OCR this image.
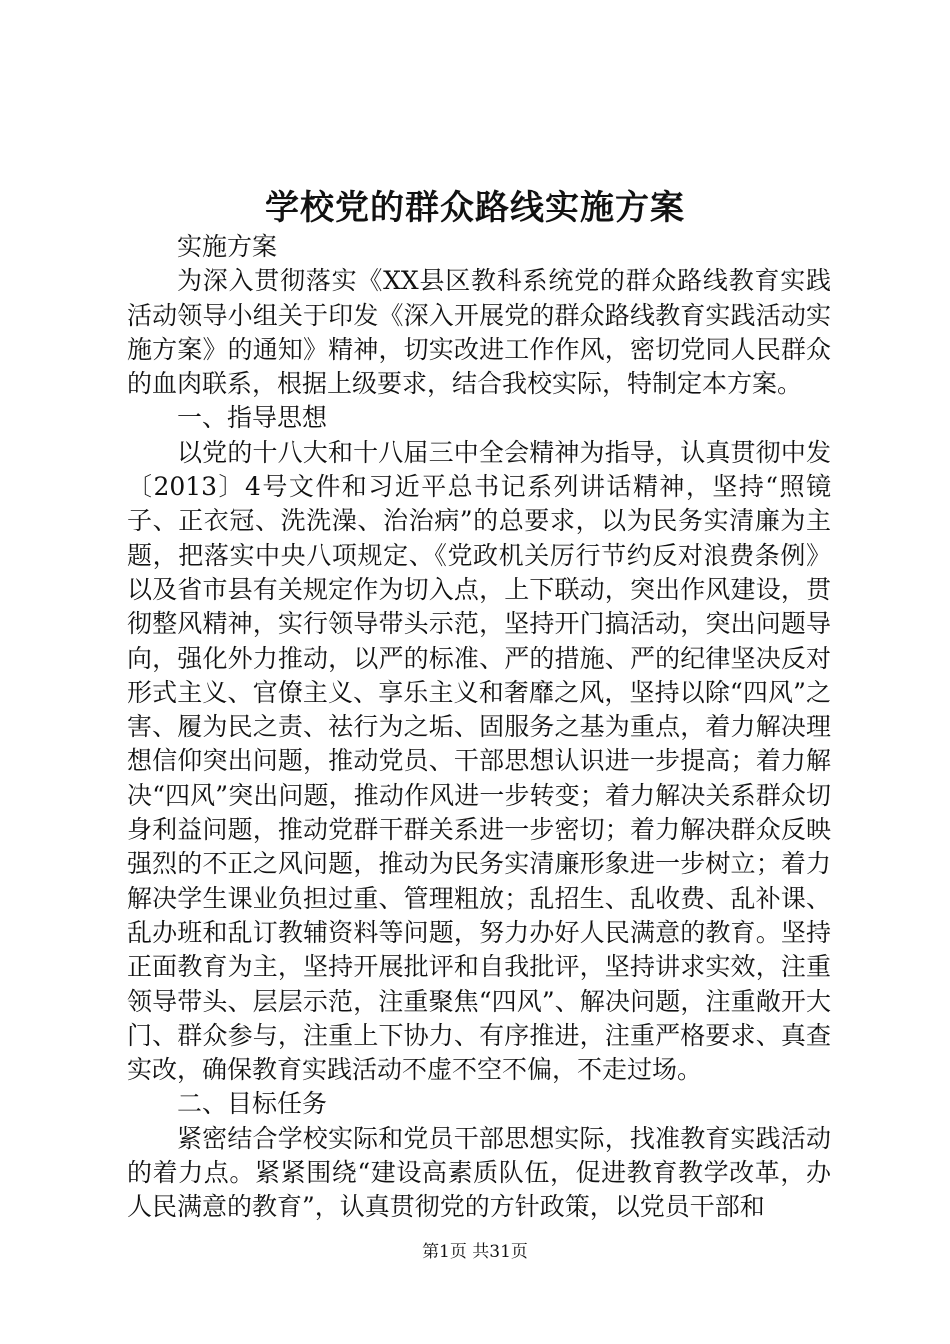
学校党的群众路线实施方案

实施方案

为深入贯彻落实《XX县区教科系统党的群众路线教育实践活动领导小组关于印发《深入开展党的群众路线教育实践活动实施方案》的通知》精神，切实改进工作作风，密切党同人民群众的血肉联系，根据上级要求，结合我校实际，特制定本方案。

一、指导思想

以党的十八大和十八届三中全会精神为指导，认真贯彻中发〔2013〕4号文件和习近平总书记系列讲话精神，坚持“照镜子、正衣冠、洗洗澡、治治病”的总要求，以为民务实清廉为主题，把落实中央八项规定、《党政机关厉行节约反对浪费条例》以及省市县有关规定作为切入点，上下联动，突出作风建设，贯彻整风精神，实行领导带头示范，坚持开门搞活动，突出问题导向，强化外力推动，以严的标准、严的措施、严的纪律坚决反对形式主义、官僚主义、享乐主义和奢靡之风，坚持以除“四风”之害、履为民之责、祛行为之垢、固服务之基为重点，着力解决理想信仰突出问题，推动党员、干部思想认识进一步提高；着力解决“四风”突出问题，推动作风进一步转变；着力解决关系群众切身利益问题，推动党群干群关系进一步密切；着力解决群众反映强烈的不正之风问题，推动为民务实清廉形象进一步树立；着力解决学生课业负担过重、管理粗放；乱招生、乱收费、乱补课、乱办班和乱订教辅资料等问题，努力办好人民满意的教育。坚持正面教育为主，坚持开展批评和自我批评，坚持讲求实效，注重领导带头、层层示范，注重聚焦“四风”、解决问题，注重敞开大门、群众参与，注重上下协力、有序推进，注重严格要求、真查实改，确保教育实践活动不虚不空不偏，不走过场。

二、目标任务

紧密结合学校实际和党员干部思想实际，找准教育实践活动的着力点。紧紧围绕“建设高素质队伍，促进教育教学改革，办人民满意的教育”，认真贯彻党的方针政策，以党员干部和

第1页 共31页
